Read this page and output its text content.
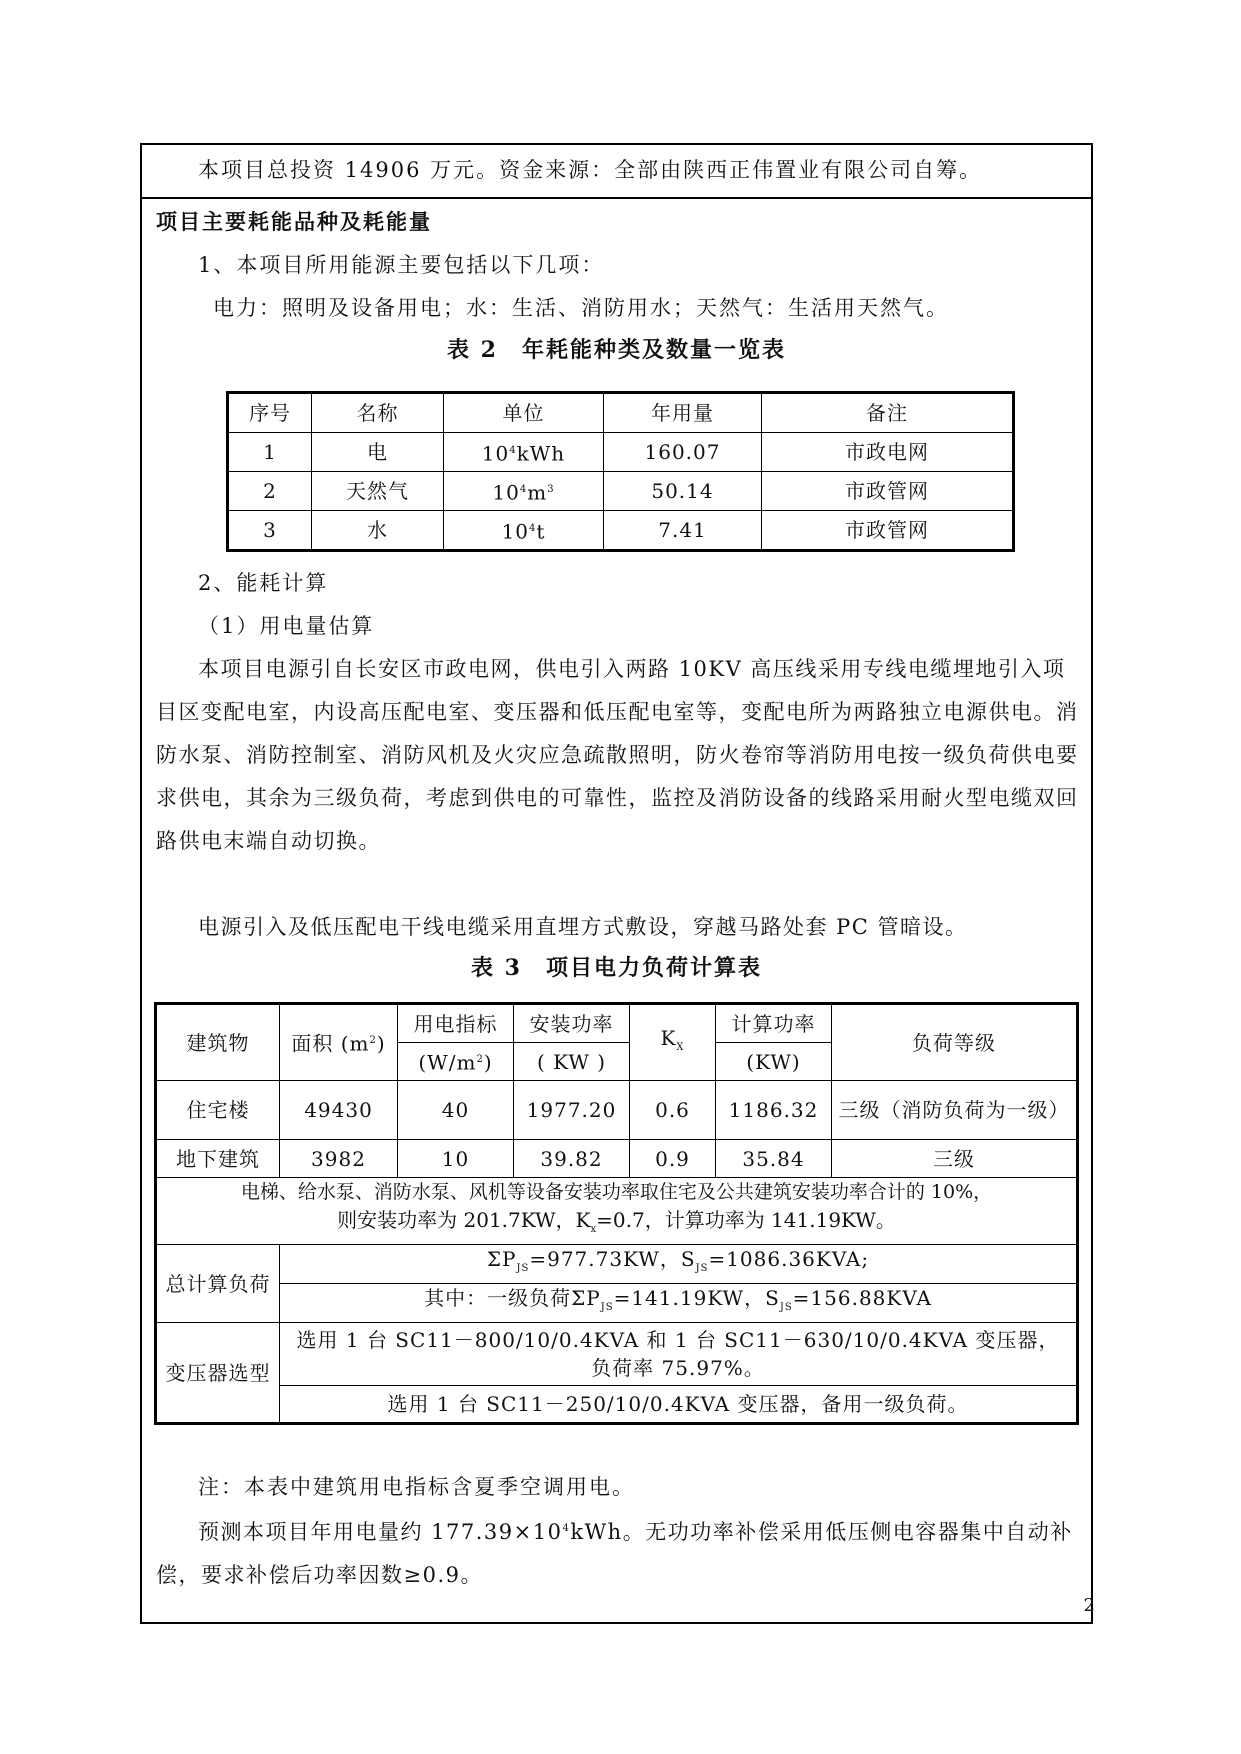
本项目总投资 14906 万元。资金来源：全部由陕西正伟置业有限公司自筹。
项目主要耗能品种及耗能量
1、本项目所用能源主要包括以下几项：
电力：照明及设备用电；水：生活、消防用水；天然气：生活用天然气。
表 2　年耗能种类及数量一览表
序号	名称	单位	年用量	备注
1	电	$10^4kWh$	160.07	市政电网
2	天然气	$10^4m^3$	50.14	市政管网
3	水	$10^4t$	7.41	市政管网
2、能耗计算
（1）用电量估算
本项目电源引自长安区市政电网，供电引入两路 10KV 高压线采用专线电缆埋地引入项目区变配电室，内设高压配电室、变压器和低压配电室等，变配电所为两路独立电源供电。消防水泵、消防控制室、消防风机及火灾应急疏散照明，防火卷帘等消防用电按一级负荷供电要求供电，其余为三级负荷，考虑到供电的可靠性，监控及消防设备的线路采用耐火型电缆双回路供电末端自动切换。
电源引入及低压配电干线电缆采用直埋方式敷设，穿越马路处套 PC 管暗设。
表 3　项目电力负荷计算表
建筑物	面积 $(m^2)$	用电指标	安装功率	$K_X$	计算功率	负荷等级
		$(W/m^2)$	( KW )		(KW)	
住宅楼	49430	40	1977.20	0.6	1186.32	三级（消防负荷为一级）
地下建筑	3982	10	39.82	0.9	35.84	三级

电梯、给水泵、消防水泵、风机等设备安装功率取住宅及公共建筑安装功率合计的 10%，
则安装功率为 201.7KW，$K_x=0.7$，计算功率为 141.19KW。						

总计算负荷	$\Sigma P_{JS}=977.73KW$，$S_{JS}=1086.36KVA$;					
	其中：一级负荷$\Sigma P_{JS}=141.19KW$，$S_{JS}=156.88KVA$					
变压器选型	选用 1 台 SC11－800/10/0.4KVA 和 1 台 SC11－630/10/0.4KVA 变压器，
负荷率 75.97%。					

	选用 1 台 SC11－250/10/0.4KVA 变压器，备用一级负荷。					
注：本表中建筑用电指标含夏季空调用电。
预测本项目年用电量约 $177.39\times 10^4kWh$。无功功率补偿采用低压侧电容器集中自动补偿，要求补偿后功率因数≥0.9。
2
